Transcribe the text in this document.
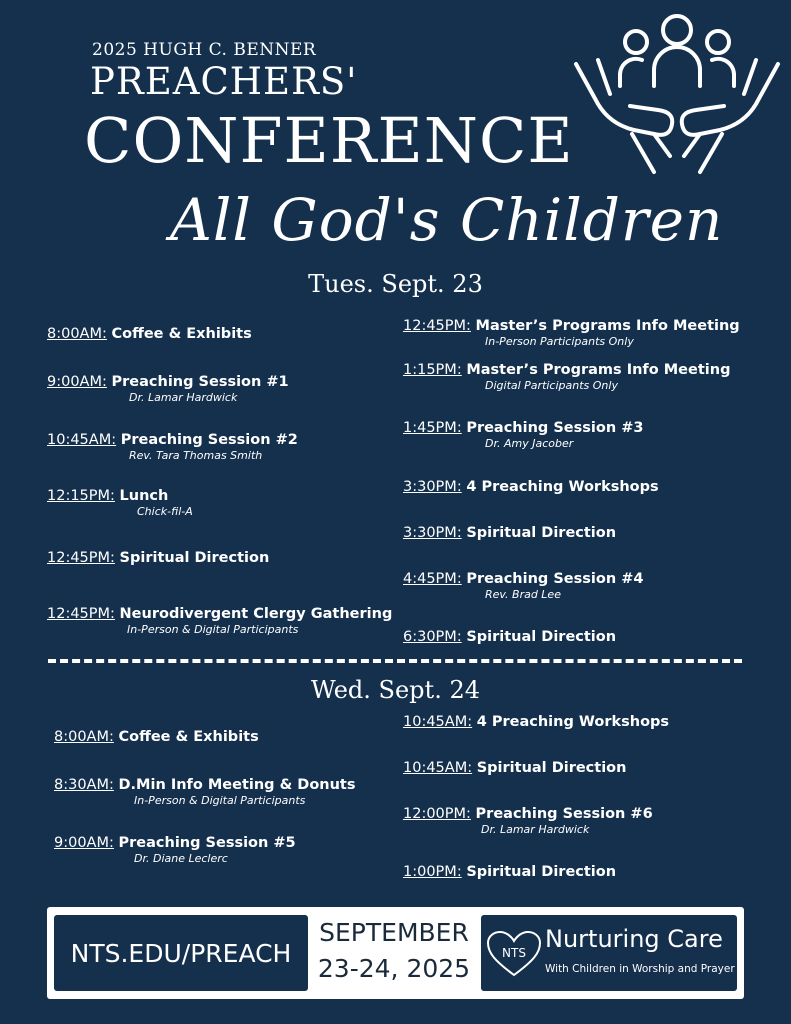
2025 HUGH C. BENNER
PREACHERS'
CONFERENCE
All God's Children
Tues. Sept. 23
8:00AM: Coffee & Exhibits
9:00AM: Preaching Session #1
Dr. Lamar Hardwick
10:45AM: Preaching Session #2
Rev. Tara Thomas Smith
12:15PM: Lunch
Chick-fil-A
12:45PM: Spiritual Direction
12:45PM: Neurodivergent Clergy Gathering
In-Person & Digital Participants
12:45PM: Master’s Programs Info Meeting
In-Person Participants Only
1:15PM: Master’s Programs Info Meeting
Digital Participants Only
1:45PM: Preaching Session #3
Dr. Amy Jacober
3:30PM: 4 Preaching Workshops
3:30PM: Spiritual Direction
4:45PM: Preaching Session #4
Rev. Brad Lee
6:30PM: Spiritual Direction
Wed. Sept. 24
8:00AM: Coffee & Exhibits
8:30AM: D.Min Info Meeting & Donuts
In-Person & Digital Participants
9:00AM: Preaching Session #5
Dr. Diane Leclerc
10:45AM: 4 Preaching Workshops
10:45AM: Spiritual Direction
12:00PM: Preaching Session #6
Dr. Lamar Hardwick
1:00PM: Spiritual Direction
NTS.EDU/PREACH
SEPTEMBER
23-24, 2025
NTS Nurturing Care
With Children in Worship and Prayer
